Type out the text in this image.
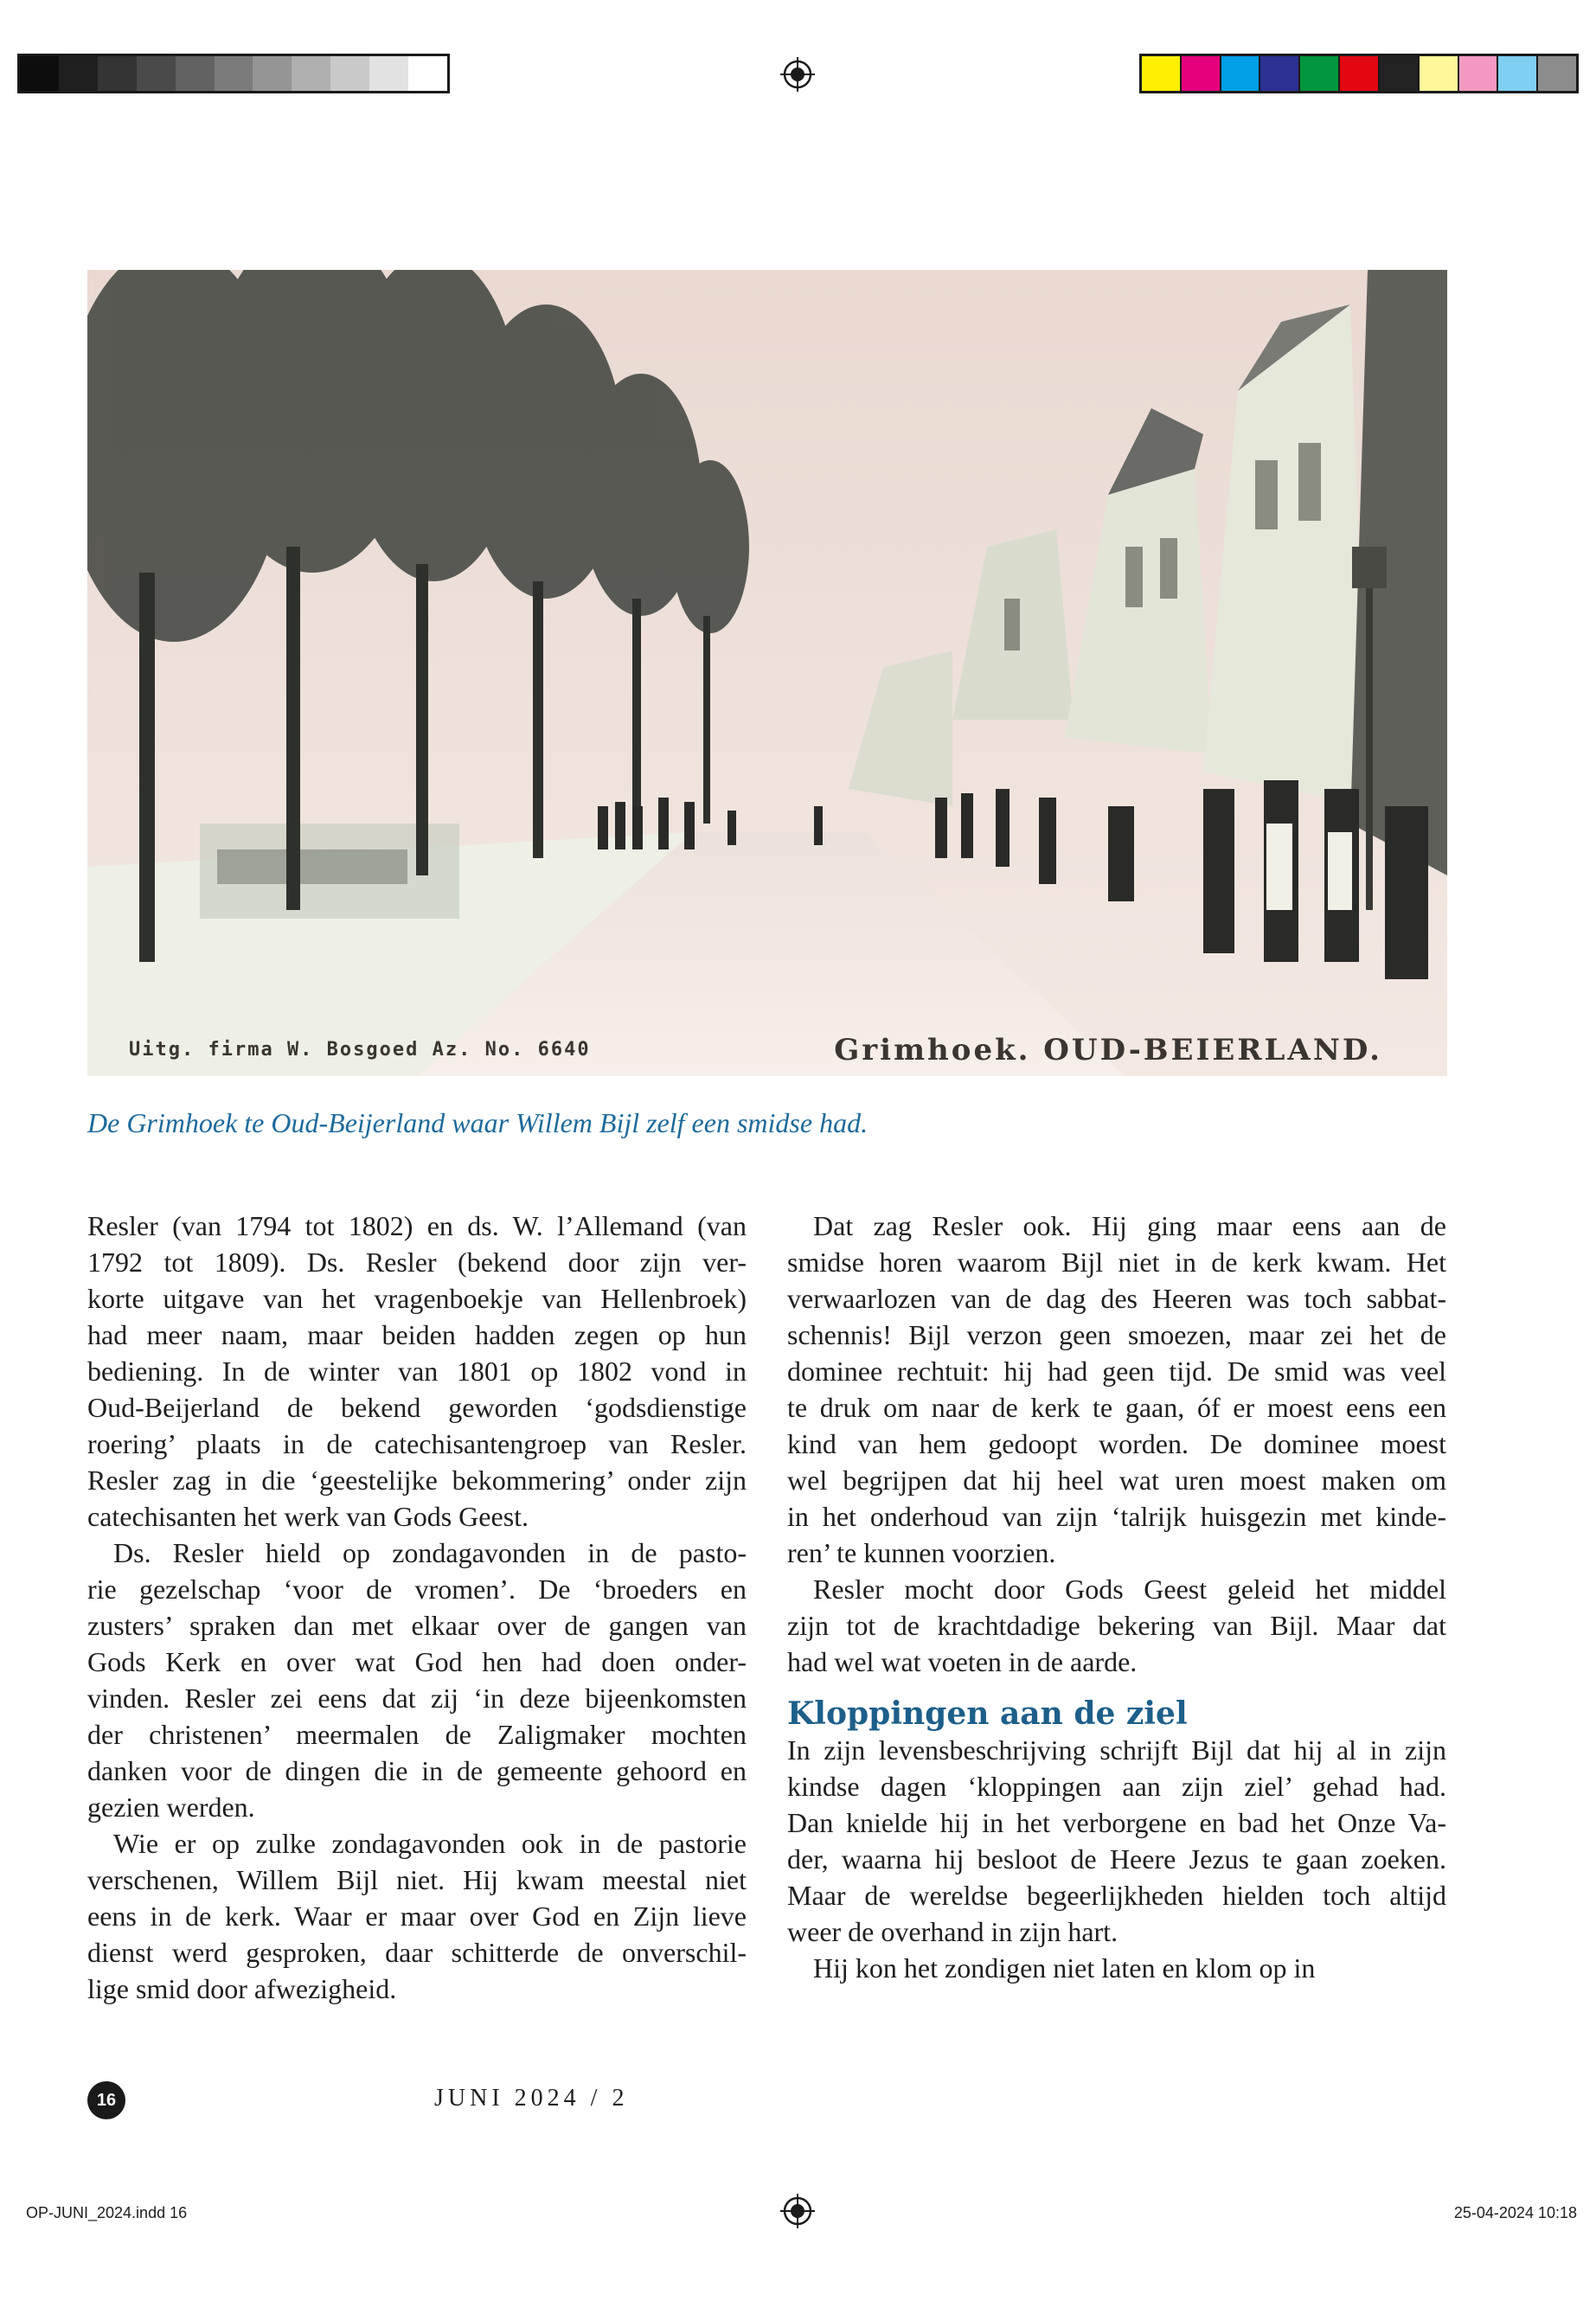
Uitg. firma W. Bosgoed Az. No. 6640	Grimhoek. OUD-BEIERLAND.
De Grimhoek te Oud-Beijerland waar Willem Bijl zelf een smidse had.
Resler (van 1794 tot 1802) en ds. W. l’Allemand (van
1792 tot 1809). Ds. Resler (bekend door zijn ver-
korte uitgave van het vragenboekje van Hellenbroek)
had meer naam, maar beiden hadden zegen op hun
bediening. In de winter van 1801 op 1802 vond in
Oud-Beijerland de bekend geworden ‘godsdienstige
roering’ plaats in de catechisantengroep van Resler.
Resler zag in die ‘geestelijke bekommering’ onder zijn
catechisanten het werk van Gods Geest.
Ds. Resler hield op zondagavonden in de pasto-
rie gezelschap ‘voor de vromen’. De ‘broeders en
zusters’ spraken dan met elkaar over de gangen van
Gods Kerk en over wat God hen had doen onder-
vinden. Resler zei eens dat zij ‘in deze bijeenkomsten
der christenen’ meermalen de Zaligmaker mochten
danken voor de dingen die in de gemeente gehoord en
gezien werden.
Wie er op zulke zondagavonden ook in de pastorie
verschenen, Willem Bijl niet. Hij kwam meestal niet
eens in de kerk. Waar er maar over God en Zijn lieve
dienst werd gesproken, daar schitterde de onverschil-
lige smid door afwezigheid.
Dat zag Resler ook. Hij ging maar eens aan de
smidse horen waarom Bijl niet in de kerk kwam. Het
verwaarlozen van de dag des Heeren was toch sabbat-
schennis! Bijl verzon geen smoezen, maar zei het de
dominee rechtuit: hij had geen tijd. De smid was veel
te druk om naar de kerk te gaan, óf er moest eens een
kind van hem gedoopt worden. De dominee moest
wel begrijpen dat hij heel wat uren moest maken om
in het onderhoud van zijn ‘talrijk huisgezin met kinde-
ren’ te kunnen voorzien.
Resler mocht door Gods Geest geleid het middel
zijn tot de krachtdadige bekering van Bijl. Maar dat
had wel wat voeten in de aarde.
Kloppingen aan de ziel
In zijn levensbeschrijving schrijft Bijl dat hij al in zijn
kindse dagen ‘kloppingen aan zijn ziel’ gehad had.
Dan knielde hij in het verborgene en bad het Onze Va-
der, waarna hij besloot de Heere Jezus te gaan zoeken.
Maar de wereldse begeerlijkheden hielden toch altijd
weer de overhand in zijn hart.
Hij kon het zondigen niet laten en klom op in
16	JUNI 2024 / 2
OP-JUNI_2024.indd 16	25-04-2024 10:18
